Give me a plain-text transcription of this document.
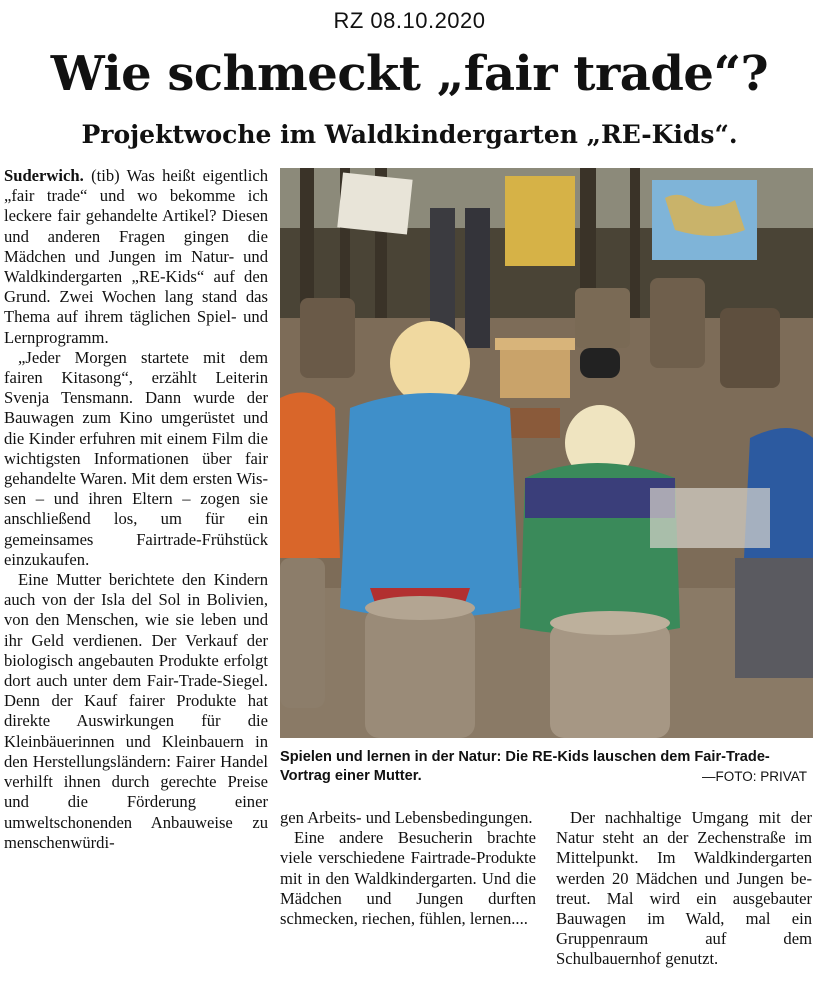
RZ 08.10.2020
Wie schmeckt „fair trade“?
Projektwoche im Waldkindergarten „RE-Kids“.

Suderwich. (tib) Was heißt eigentlich „fair trade“ und wo bekomme ich leckere fair gehandelte Artikel? Diesen und anderen Fragen gingen die Mädchen und Jungen im Natur- und Waldkindergarten „RE-Kids“ auf den Grund. Zwei Wochen lang stand das Thema auf ihrem täglichen Spiel- und Lernprogramm.

„Jeder Morgen startete mit dem fairen Kitasong“, erzählt Leiterin Svenja Tensmann. Dann wurde der Bauwagen zum Kino umgerüstet und die Kinder erfuhren mit einem Film die wichtigsten Informationen über fair gehandelte Waren. Mit dem ersten Wissen – und ihren Eltern – zogen sie anschließend los, um für ein gemeinsames Fairtrade-Frühstück einzukaufen.

Eine Mutter berichtete den Kindern auch von der Isla del Sol in Bolivien, von den Menschen, wie sie leben und ihr Geld verdienen. Der Verkauf der biologisch angebauten Produkte erfolgt dort auch unter dem Fair-Trade-Siegel. Denn der Kauf fairer Produkte hat direkte Auswirkungen für die Kleinbäuerinnen und Kleinbauern in den Herstellungsländern: Fairer Handel verhilft ihnen durch gerechte Preise und die Förderung einer umweltschonenden Anbauweise zu menschenwürdi-

Spielen und lernen in der Natur: Die RE-Kids lauschen dem Fair-Trade-Vortrag einer Mutter.	—FOTO: PRIVAT

gen Arbeits- und Lebensbedingungen.

Eine andere Besucherin brachte viele verschiedene Fairtrade-Produkte mit in den Waldkindergarten. Und die Mädchen und Jungen durften schmecken, riechen, fühlen, lernen....

Der nachhaltige Umgang mit der Natur steht an der Zechenstraße im Mittelpunkt. Im Waldkindergarten werden 20 Mädchen und Jungen betreut. Mal wird ein ausgebauter Bauwagen im Wald, mal ein Gruppenraum auf dem Schulbauernhof genutzt.
